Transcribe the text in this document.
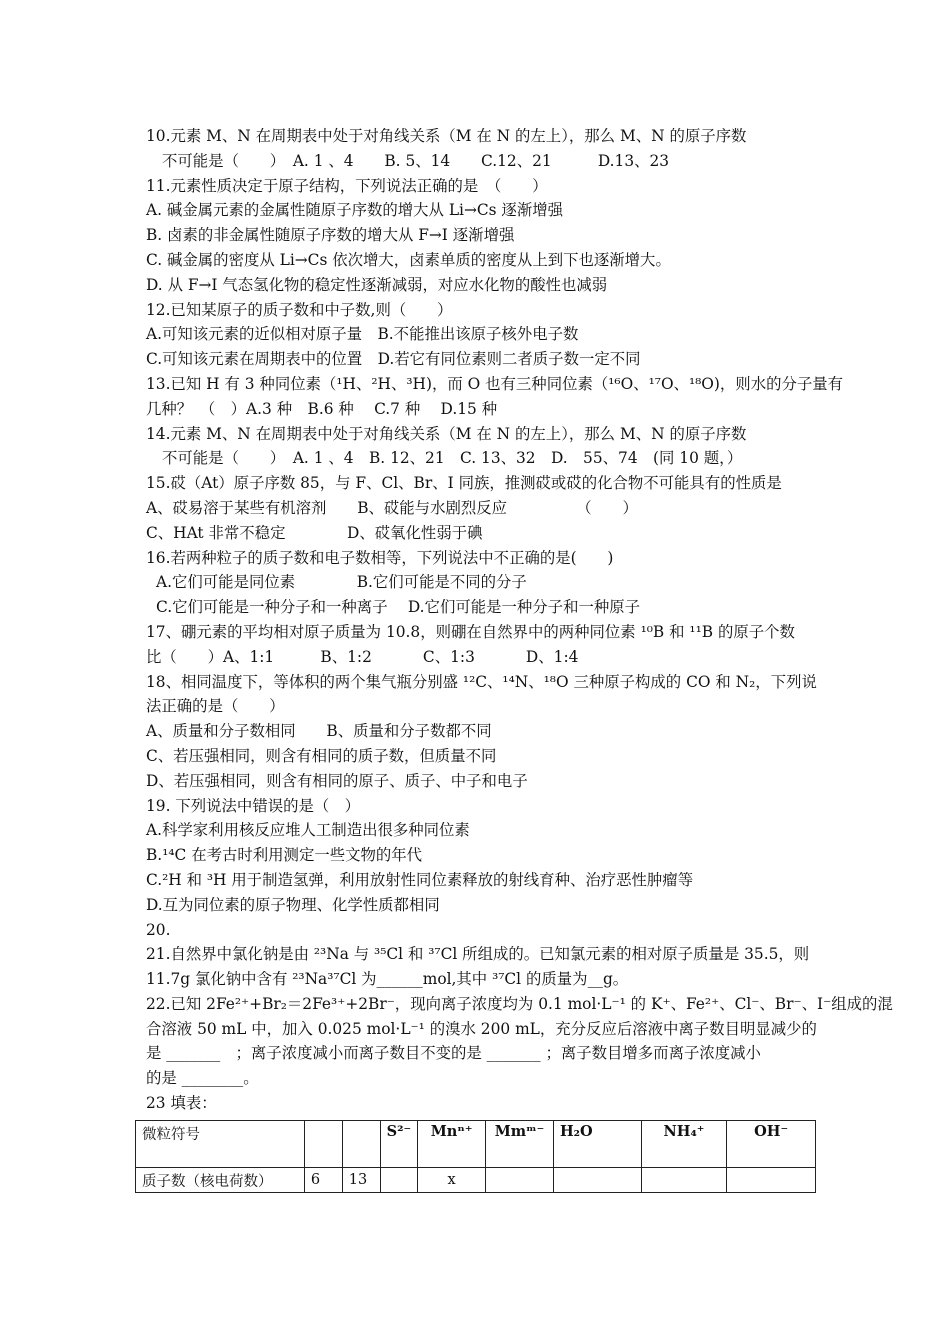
10.元素 M、N 在周期表中处于对角线关系（M 在 N 的左上），那么 M、N 的原子序数
不可能是（　　）　A. 1 、4　　B. 5、14　　C.12、21　　　D.13、23
11.元素性质决定于原子结构，下列说法正确的是　（　　）
A. 碱金属元素的金属性随原子序数的增大从 Li→Cs 逐渐增强
B. 卤素的非金属性随原子序数的增大从 F→I 逐渐增强
C. 碱金属的密度从 Li→Cs 依次增大，卤素单质的密度从上到下也逐渐增大。
D. 从 F→I 气态氢化物的稳定性逐渐减弱，对应水化物的酸性也减弱
12.已知某原子的质子数和中子数,则（　　）
A.可知该元素的近似相对原子量　B.不能推出该原子核外电子数
C.可知该元素在周期表中的位置　D.若它有同位素则二者质子数一定不同
13.已知 H 有 3 种同位素（¹H、²H、³H)，而 O 也有三种同位素（¹⁶O、¹⁷O、¹⁸O)，则水的分子量有
几种？　（　）A.3 种　B.6 种　 C.7 种　 D.15 种
14.元素 M、N 在周期表中处于对角线关系（M 在 N 的左上），那么 M、N 的原子序数
不可能是（　　）　A. 1 、4　B. 12、21　C. 13、32　D.　55、74　(同 10 题，）
15.砹（At）原子序数 85，与 F、Cl、Br、I 同族，推测砹或砹的化合物不可能具有的性质是
A、砹易溶于某些有机溶剂　　B、砹能与水剧烈反应　　　　　（　　）
C、HAt 非常不稳定　　　　D、砹氧化性弱于碘
16.若两种粒子的质子数和电子数相等，下列说法中不正确的是(　　)
A.它们可能是同位素　　　　B.它们可能是不同的分子
C.它们可能是一种分子和一种离子　 D.它们可能是一种分子和一种原子
17、硼元素的平均相对原子质量为 10.8，则硼在自然界中的两种同位素 ¹⁰B 和 ¹¹B 的原子个数
比（　　）A、1:1　　　B、1:2　　　 C、1:3　　　 D、1:4
18、相同温度下，等体积的两个集气瓶分别盛 ¹²C、¹⁴N、¹⁸O 三种原子构成的 CO 和 N₂，下列说
法正确的是（　　）
A、质量和分子数相同　　B、质量和分子数都不同
C、若压强相同，则含有相同的质子数，但质量不同
D、若压强相同，则含有相同的原子、质子、中子和电子
19. 下列说法中错误的是（　）
A.科学家利用核反应堆人工制造出很多种同位素
B.¹⁴C 在考古时利用测定一些文物的年代
C.²H 和 ³H 用于制造氢弹，利用放射性同位素释放的射线育种、治疗恶性肿瘤等
D.互为同位素的原子物理、化学性质都相同
20.
21.自然界中氯化钠是由 ²³Na 与 ³⁵Cl 和 ³⁷Cl 所组成的。已知氯元素的相对原子质量是 35.5，则
11.7g 氯化钠中含有 ²³Na³⁷Cl 为______mol,其中 ³⁷Cl 的质量为__g。
22.已知 2Fe²⁺+Br₂＝2Fe³⁺+2Br⁻，现向离子浓度均为 0.1 mol·L⁻¹ 的 K⁺、Fe²⁺、Cl⁻、Br⁻、I⁻组成的混
合溶液 50 mL 中，加入 0.025 mol·L⁻¹ 的溴水 200 mL，充分反应后溶液中离子数目明显减少的
是 _______　；离子浓度减小而离子数目不变的是 _______ ；离子数目增多而离子浓度减小
的是 ________。
23 填表：
微粒符号			S²⁻	Mnⁿ⁺	Mmᵐ⁻	H₂O	NH₄⁺	OH⁻
质子数（核电荷数）	6	13		x				
